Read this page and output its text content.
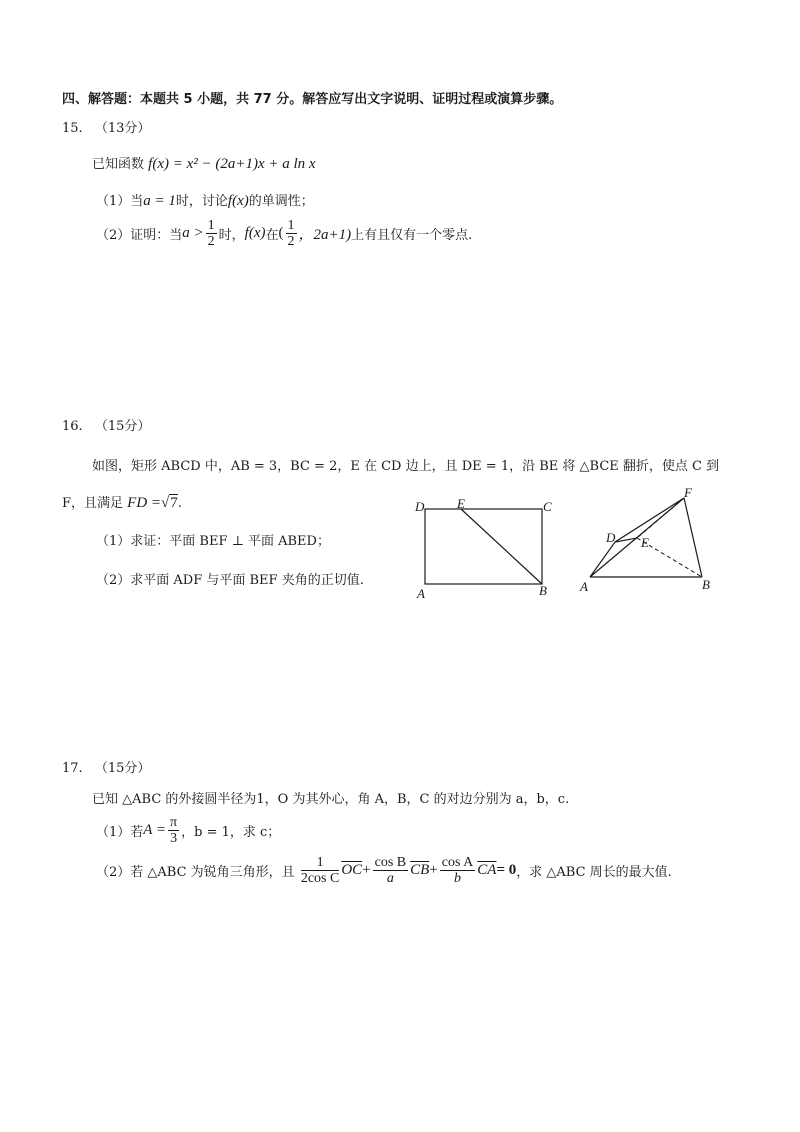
四、解答题：本题共 5 小题，共 77 分。解答应写出文字说明、证明过程或演算步骤。
15. （13分）
已知函数 f(x) = x² − (2a+1)x + a ln x
（1）当a = 1时，讨论f(x)的单调性；
（2）证明：当$a > \frac{1}{2}$ 时，f(x)在( $\frac{1}{2}$ ，2a+1)上有且仅有一个零点.
16. （15分）
如图，矩形 ABCD 中，AB = 3，BC = 2，E 在 CD 边上，且 DE = 1，沿 BE 将 △BCE 翻折，使点 C 到
F，且满足 FD =√7.
（1）求证：平面 BEF ⊥ 平面 ABED；
（2）求平面 ADF 与平面 BEF 夹角的正切值.
D	E	C
A	B
F
D E
A	B
17. （15分）
已知 △ABC 的外接圆半径为1，O 为其外心，角 A，B，C 的对边分别为 a，b，c.
（1）若$A = \frac{\pi}{3}$ ，b = 1，求 c；
（2）若 △ABC 为锐角三角形，且 $\frac{1}{\text{2cos C}} \overline{OC}+ \frac{\text{cos B}}{a} \overline{CB}+ \frac{\text{cos A}}{b} \overline{CA}= 0$，求 △ABC 周长的最大值.
